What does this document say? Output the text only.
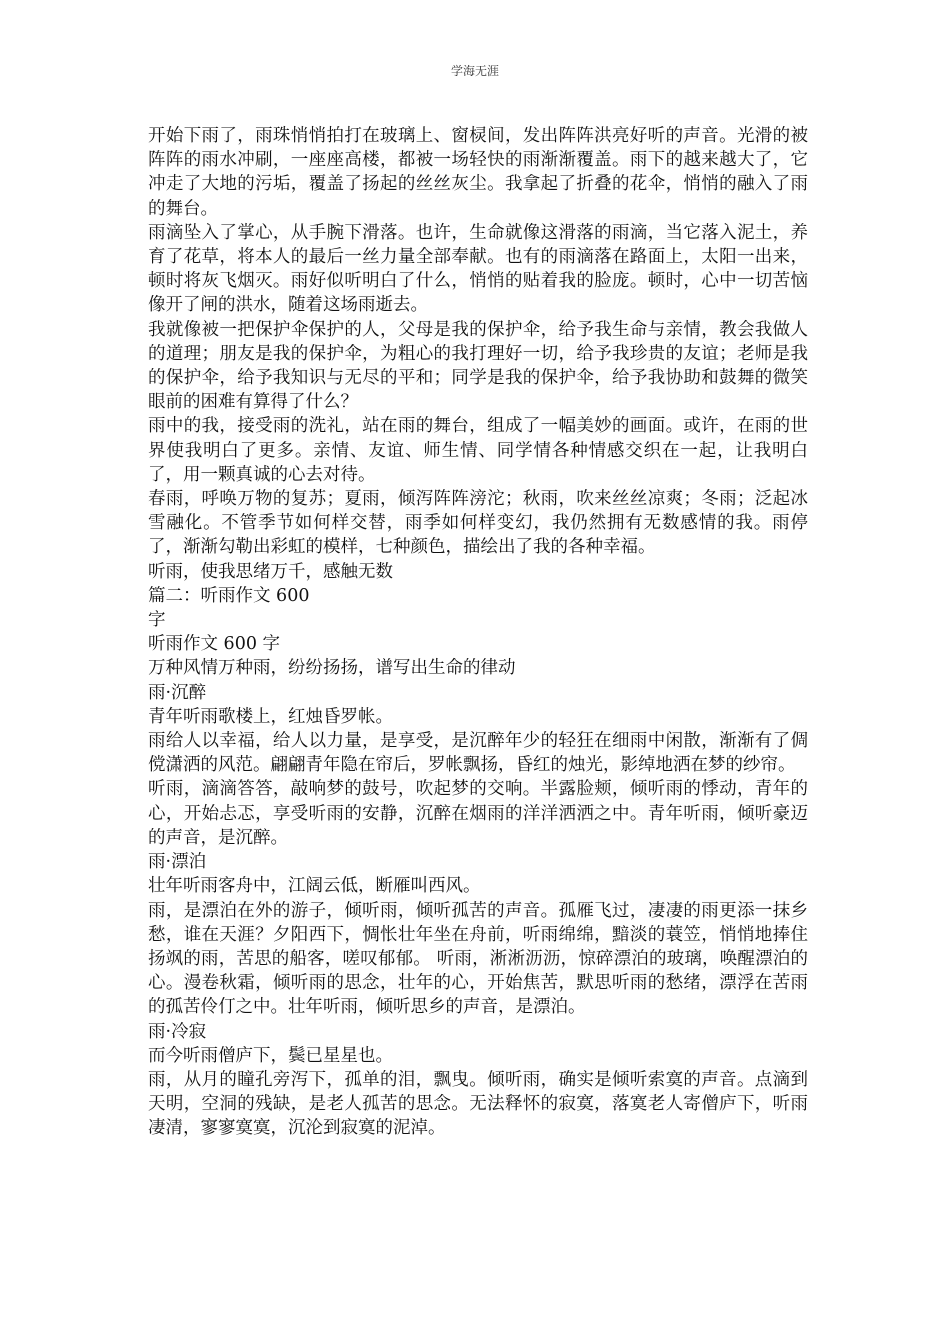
学海无涯

开始下雨了，雨珠悄悄拍打在玻璃上、窗棂间，发出阵阵洪亮好听的声音。光滑的被阵阵的雨水冲刷，一座座高楼，都被一场轻快的雨渐渐覆盖。雨下的越来越大了，它冲走了大地的污垢，覆盖了扬起的丝丝灰尘。我拿起了折叠的花伞，悄悄的融入了雨的舞台。

雨滴坠入了掌心，从手腕下滑落。也许，生命就像这滑落的雨滴，当它落入泥土，养育了花草，将本人的最后一丝力量全部奉献。也有的雨滴落在路面上，太阳一出来，顿时将灰飞烟灭。雨好似听明白了什么，悄悄的贴着我的脸庞。顿时，心中一切苦恼像开了闸的洪水，随着这场雨逝去。

我就像被一把保护伞保护的人，父母是我的保护伞，给予我生命与亲情，教会我做人的道理；朋友是我的保护伞，为粗心的我打理好一切，给予我珍贵的友谊；老师是我的保护伞，给予我知识与无尽的平和；同学是我的保护伞，给予我协助和鼓舞的微笑眼前的困难有算得了什么？

雨中的我，接受雨的洗礼，站在雨的舞台，组成了一幅美妙的画面。或许，在雨的世界使我明白了更多。亲情、友谊、师生情、同学情各种情感交织在一起，让我明白了，用一颗真诚的心去对待。

春雨，呼唤万物的复苏；夏雨，倾泻阵阵滂沱；秋雨，吹来丝丝凉爽；冬雨；泛起冰雪融化。不管季节如何样交替，雨季如何样变幻，我仍然拥有无数感情的我。雨停了，渐渐勾勒出彩虹的模样，七种颜色，描绘出了我的各种幸福。

听雨，使我思绪万千，感触无数

篇二：听雨作文 600

字

听雨作文 600 字

万种风情万种雨，纷纷扬扬，谱写出生命的律动

雨·沉醉

青年听雨歌楼上，红烛昏罗帐。

雨给人以幸福，给人以力量，是享受，是沉醉年少的轻狂在细雨中闲散，渐渐有了倜傥潇洒的风范。翩翩青年隐在帘后，罗帐飘扬，昏红的烛光，影绰地洒在梦的纱帘。

听雨，滴滴答答，敲响梦的鼓号，吹起梦的交响。半露脸颊，倾听雨的悸动，青年的心，开始忐忑，享受听雨的安静，沉醉在烟雨的洋洋洒洒之中。青年听雨，倾听豪迈的声音，是沉醉。

雨·漂泊

壮年听雨客舟中，江阔云低，断雁叫西风。

雨，是漂泊在外的游子，倾听雨，倾听孤苦的声音。孤雁飞过，凄凄的雨更添一抹乡愁，谁在天涯？夕阳西下，惆怅壮年坐在舟前，听雨绵绵，黯淡的蓑笠，悄悄地捧住扬飒的雨，苦思的船客，嗟叹郁郁。 听雨，淅淅沥沥，惊碎漂泊的玻璃，唤醒漂泊的心。漫卷秋霜，倾听雨的思念，壮年的心，开始焦苦，默思听雨的愁绪，漂浮在苦雨的孤苦伶仃之中。壮年听雨，倾听思乡的声音，是漂泊。

雨·冷寂

而今听雨僧庐下，鬓已星星也。

雨，从月的瞳孔旁泻下，孤单的泪，飘曳。倾听雨，确实是倾听索寞的声音。点滴到天明，空洞的残缺，是老人孤苦的思念。无法释怀的寂寞，落寞老人寄僧庐下，听雨凄清，寥寥寞寞，沉沦到寂寞的泥淖。
